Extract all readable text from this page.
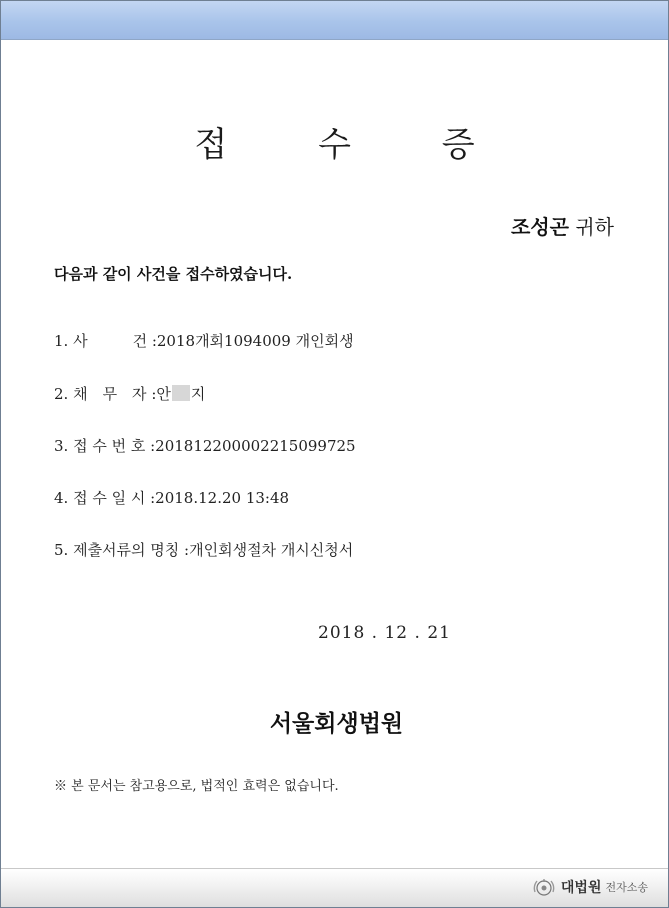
접 수 증
조성곤 귀하
다음과 같이 사건을 접수하였습니다.
1. 사　　　건 :2018개회1094009 개인회생
2. 채　무　자 :안 지
3. 접 수 번 호 :20181220000221509972​5
4. 접 수 일 시 :2018.12.20 13:48
5. 제출서류의 명칭 :개인회생절차 개시신청서
2018 . 12 . 21
서울회생법원
※ 본 문서는 참고용으로, 법적인 효력은 없습니다.
대법원 전자소송
